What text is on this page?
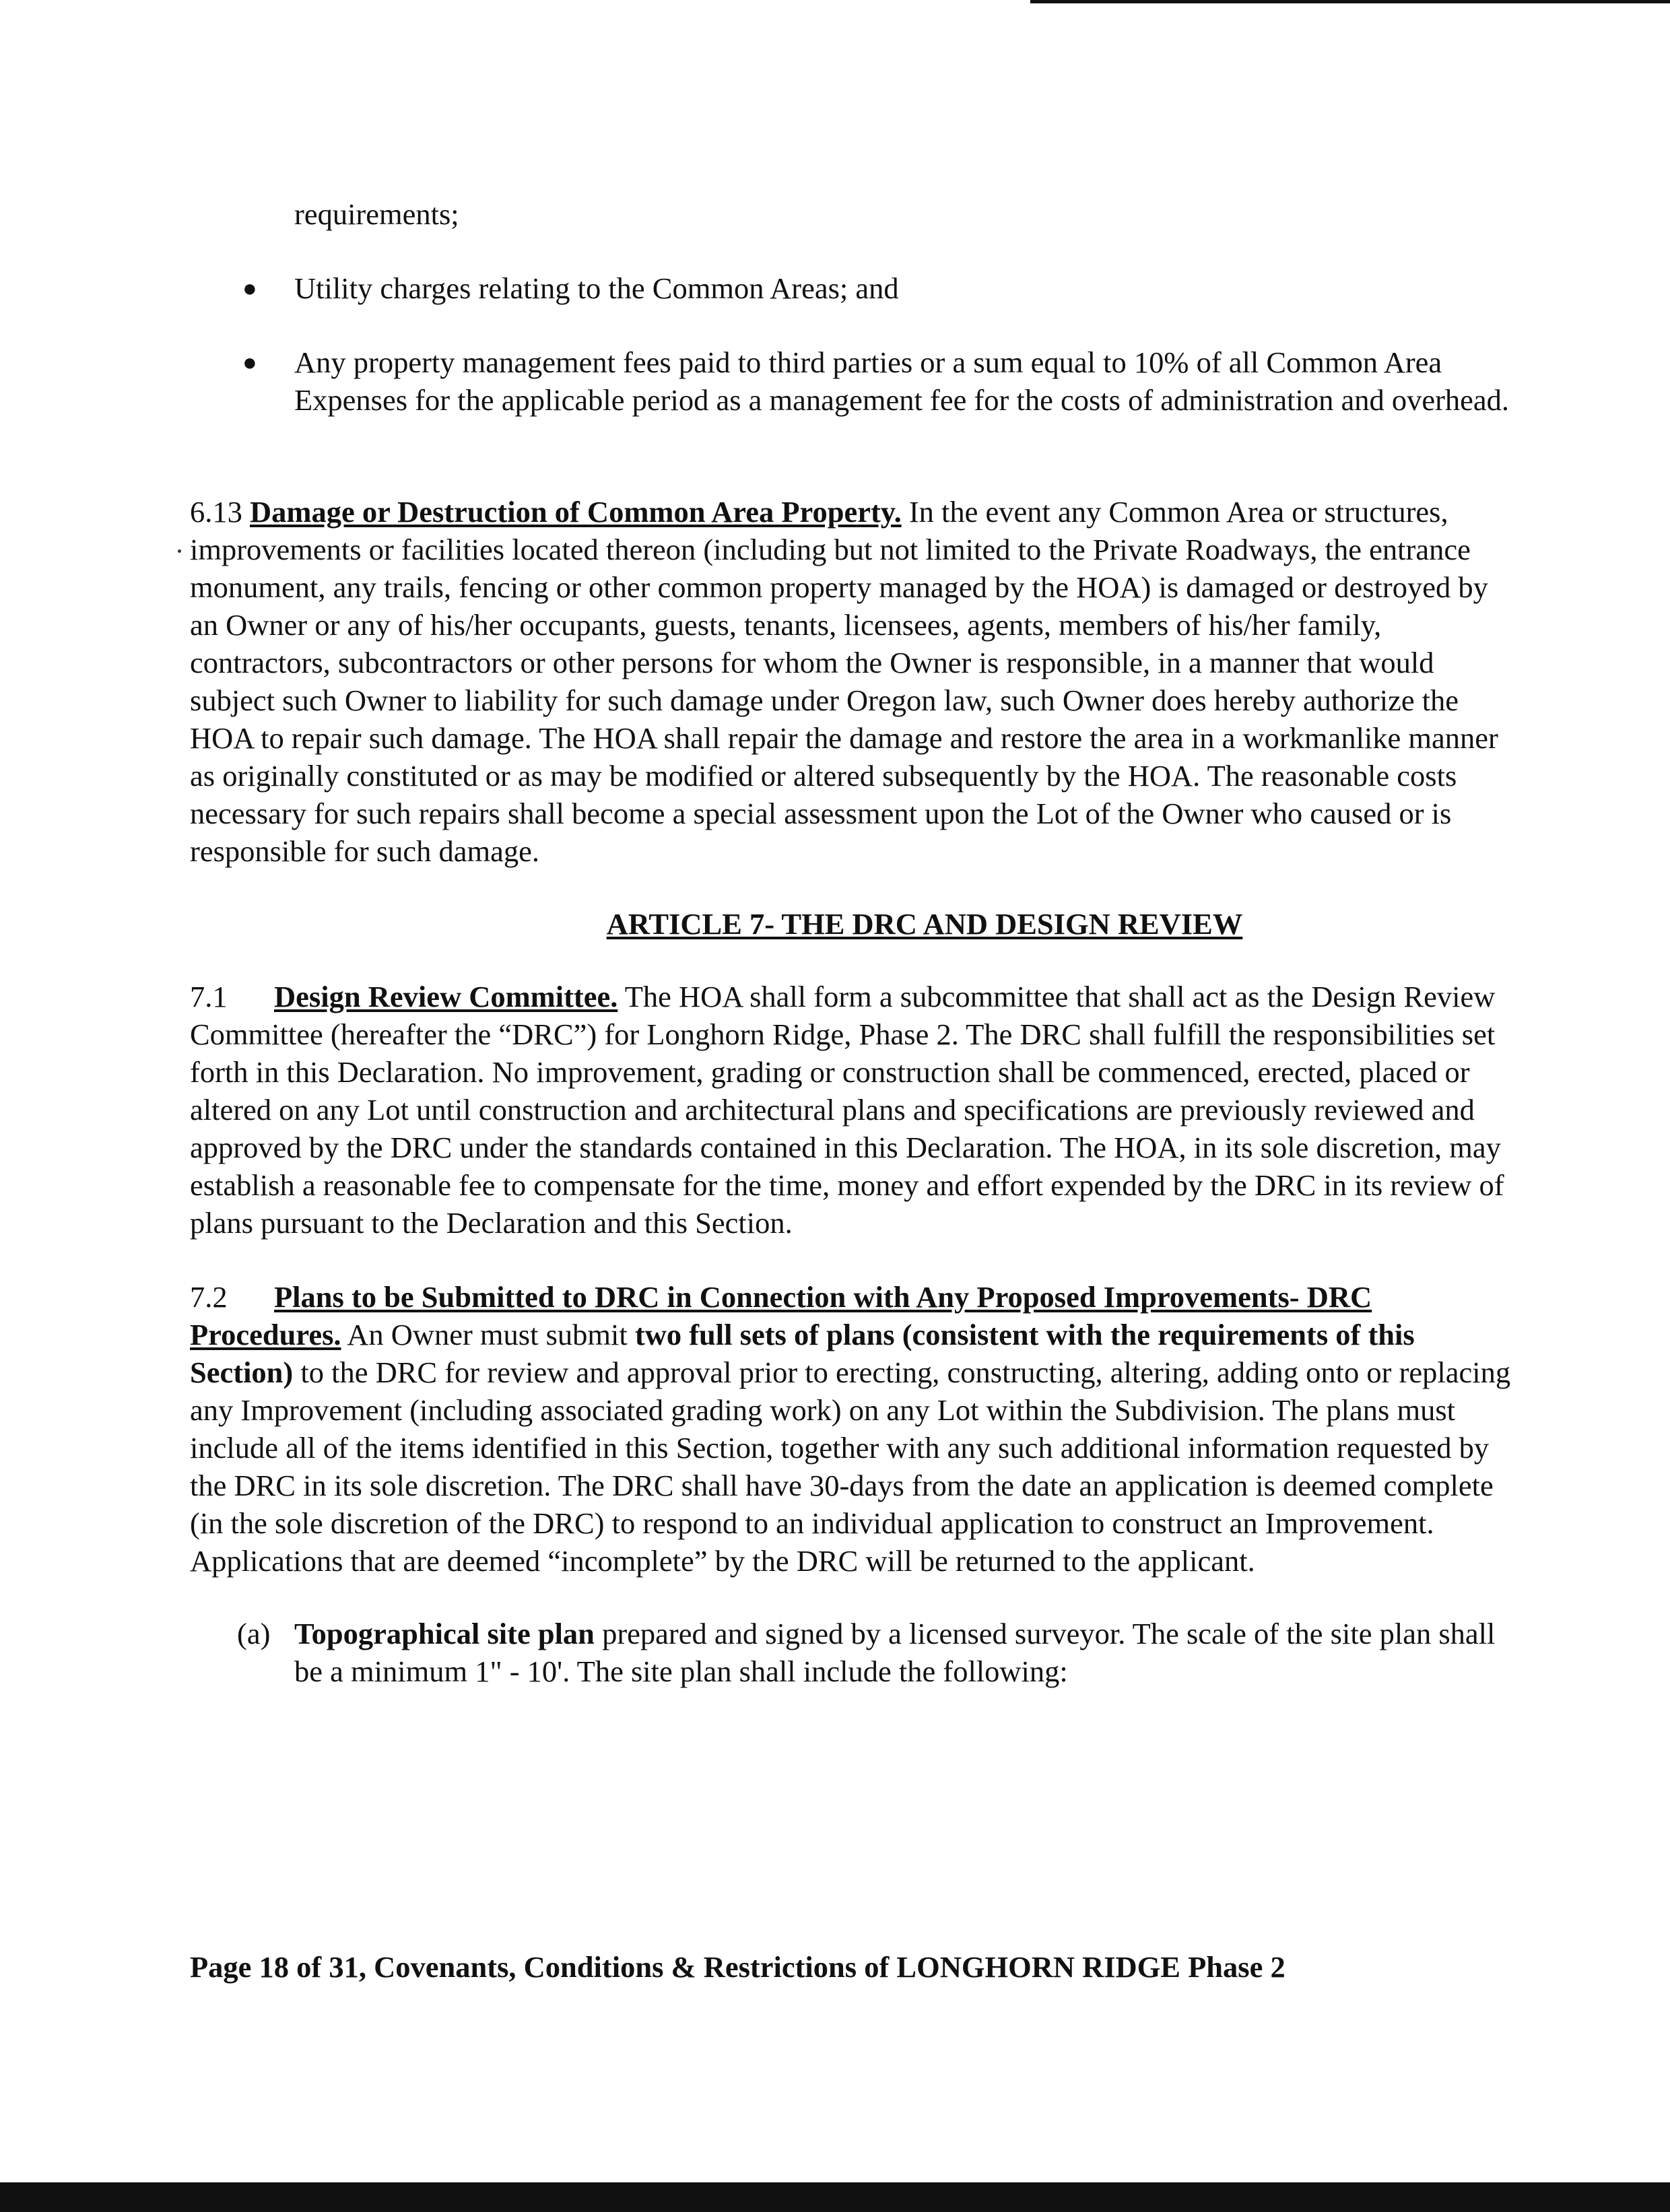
requirements;

● Utility charges relating to the Common Areas; and
● Any property management fees paid to third parties or a sum equal to 10% of all Common Area Expenses for the applicable period as a management fee for the costs of administration and overhead.

6.13 Damage or Destruction of Common Area Property. In the event any Common Area or structures, improvements or facilities located thereon (including but not limited to the Private Roadways, the entrance monument, any trails, fencing or other common property managed by the HOA) is damaged or destroyed by an Owner or any of his/her occupants, guests, tenants, licensees, agents, members of his/her family, contractors, subcontractors or other persons for whom the Owner is responsible, in a manner that would subject such Owner to liability for such damage under Oregon law, such Owner does hereby authorize the HOA to repair such damage. The HOA shall repair the damage and restore the area in a workmanlike manner as originally constituted or as may be modified or altered subsequently by the HOA. The reasonable costs necessary for such repairs shall become a special assessment upon the Lot of the Owner who caused or is responsible for such damage.

ARTICLE 7- THE DRC AND DESIGN REVIEW

7.1 Design Review Committee. The HOA shall form a subcommittee that shall act as the Design Review Committee (hereafter the “DRC”) for Longhorn Ridge, Phase 2. The DRC shall fulfill the responsibilities set forth in this Declaration. No improvement, grading or construction shall be commenced, erected, placed or altered on any Lot until construction and architectural plans and specifications are previously reviewed and approved by the DRC under the standards contained in this Declaration. The HOA, in its sole discretion, may establish a reasonable fee to compensate for the time, money and effort expended by the DRC in its review of plans pursuant to the Declaration and this Section.

7.2 Plans to be Submitted to DRC in Connection with Any Proposed Improvements- DRC Procedures. An Owner must submit two full sets of plans (consistent with the requirements of this Section) to the DRC for review and approval prior to erecting, constructing, altering, adding onto or replacing any Improvement (including associated grading work) on any Lot within the Subdivision. The plans must include all of the items identified in this Section, together with any such additional information requested by the DRC in its sole discretion. The DRC shall have 30-days from the date an application is deemed complete (in the sole discretion of the DRC) to respond to an individual application to construct an Improvement. Applications that are deemed “incomplete” by the DRC will be returned to the applicant.

(a) Topographical site plan prepared and signed by a licensed surveyor. The scale of the site plan shall be a minimum 1" - 10'. The site plan shall include the following:

Page 18 of 31, Covenants, Conditions & Restrictions of LONGHORN RIDGE Phase 2
